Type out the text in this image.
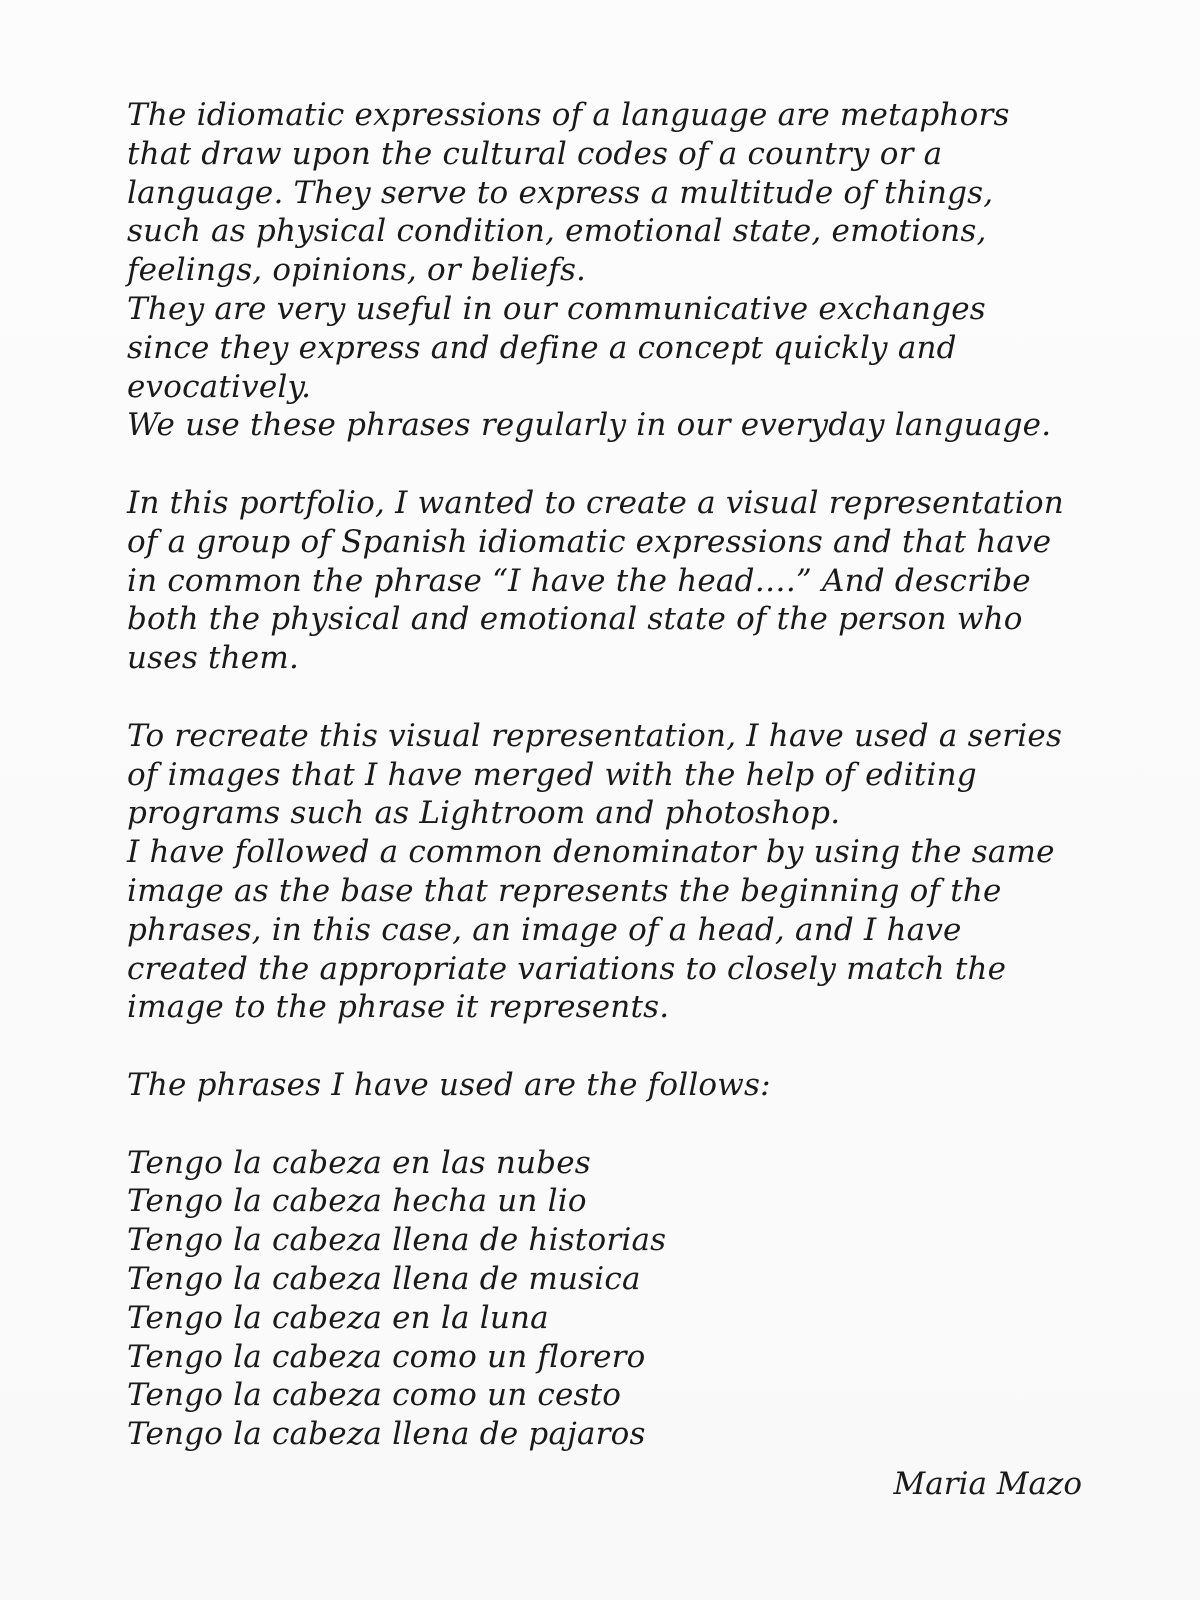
The idiomatic expressions of a language are metaphors
that draw upon the cultural codes of a country or a
language. They serve to express a multitude of things,
such as physical condition, emotional state, emotions,
feelings, opinions, or beliefs.
They are very useful in our communicative exchanges
since they express and define a concept quickly and
evocatively.
We use these phrases regularly in our everyday language.
In this portfolio, I wanted to create a visual representation
of a group of Spanish idiomatic expressions and that have
in common the phrase “I have the head….” And describe
both the physical and emotional state of the person who
uses them.
To recreate this visual representation, I have used a series
of images that I have merged with the help of editing
programs such as Lightroom and photoshop.
I have followed a common denominator by using the same
image as the base that represents the beginning of the
phrases, in this case, an image of a head, and I have
created the appropriate variations to closely match the
image to the phrase it represents.
The phrases I have used are the follows:
Tengo la cabeza en las nubes
Tengo la cabeza hecha un lio
Tengo la cabeza llena de historias
Tengo la cabeza llena de musica
Tengo la cabeza en la luna
Tengo la cabeza como un florero
Tengo la cabeza como un cesto
Tengo la cabeza llena de pajaros
Maria Mazo
